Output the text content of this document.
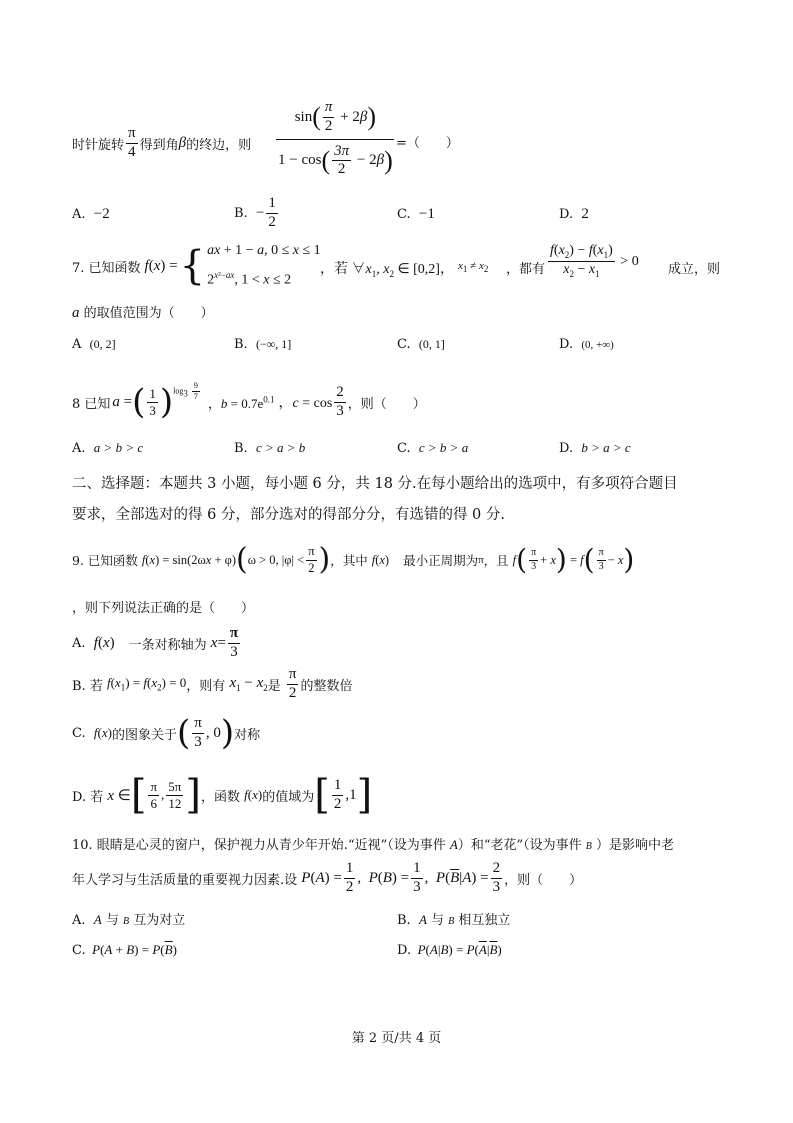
时针旋转 $\frac{\pi}{4}$ 得到角 β 的终边，则
sin ( $\frac{\pi}{2} + 2$ β )
1 − cos ( $\frac{3\pi}{2} - 2$ β )
=（　　）
A. −2	B.
− $\frac{1}{2}$	C. −1	D. 2
7. 已知函数 f ( x ) = { ax + 1 − a, 0 ≤ x ≤ 1
$2^{x^2-ax}$, 1 < x ≤ 2
，若 $\forall x_1$, $x_2$ ∈ [0,2]， $x_1 \ne x_2$ ，都有 $\frac{f(x_2) - f(x_1)}{x_2 - x_1} > 0$
成立，则
a 的取值范围为（　　）
A (0, 2]	B. (−∞, 1]	C. (0, 1]	D. (0, +∞)
8 已知 a = ( $\frac{1}{3}$ ) $\log_3 \frac{9}{7}$
，$b = 0.7e^{0.1}$ ，$c = \cos \frac{2}{3}$ ，则（　　）
A. a > b > c	B. c > a > b	C. c > b > a	D. b > a > c
二、选择题：本题共 3 小题，每小题 6 分，共 18 分.在每小题给出的选项中，有多项符合题目
要求，全部选对的得 6 分，部分选对的得部分分，有选错的得 0 分.
9. 已知函数 f ( x ) = sin(2ωx + φ) ( ω > 0, $|\varphi| < \frac{\pi}{2}$ ) ，其中 f ( x ) 最小正周期为 π ，且 f ( $\frac{\pi}{3} + x$ ) = f ( $\frac{\pi}{3} - x$ )
，则下列说法正确的是（　　）
A. f ( x ) 一条对称轴为 $x = \frac{\pi}{3}$
B. 若 $f(x_1) = f(x_2) = 0$ ，则有 $x_1 - x_2$ 是 $\frac{\pi}{2}$ 的整数倍
C. f(x) 的图象关于 ( $\frac{\pi}{3}$ , 0 ) 对称
D. 若 x ∈ [ $\frac{\pi}{6}$ , $\frac{5\pi}{12}$ ] ，函数 f(x) 的值域为 [ $\frac{1}{2} ,1$ ]
10. 眼睛是心灵的窗户，保护视力从青少年开始.“近视”（设为事件 A）和“老花”（设为事件 B ）是影响中老
年人学习与生活质量的重要视力因素.设 $P(A) = \frac{1}{2}$ ,  $P(B) = \frac{1}{3}$ ,  $P(\overline{B}|A) = \frac{2}{3}$ ，则（　　）
A.  A 与 B 互为对立	B.  A 与 B 相互独立
C. $P(A + B) = P(\overline{B})$	D. $P(A|B) = P(\overline{A}|\overline{B})$
第 2 页/共 4 页
